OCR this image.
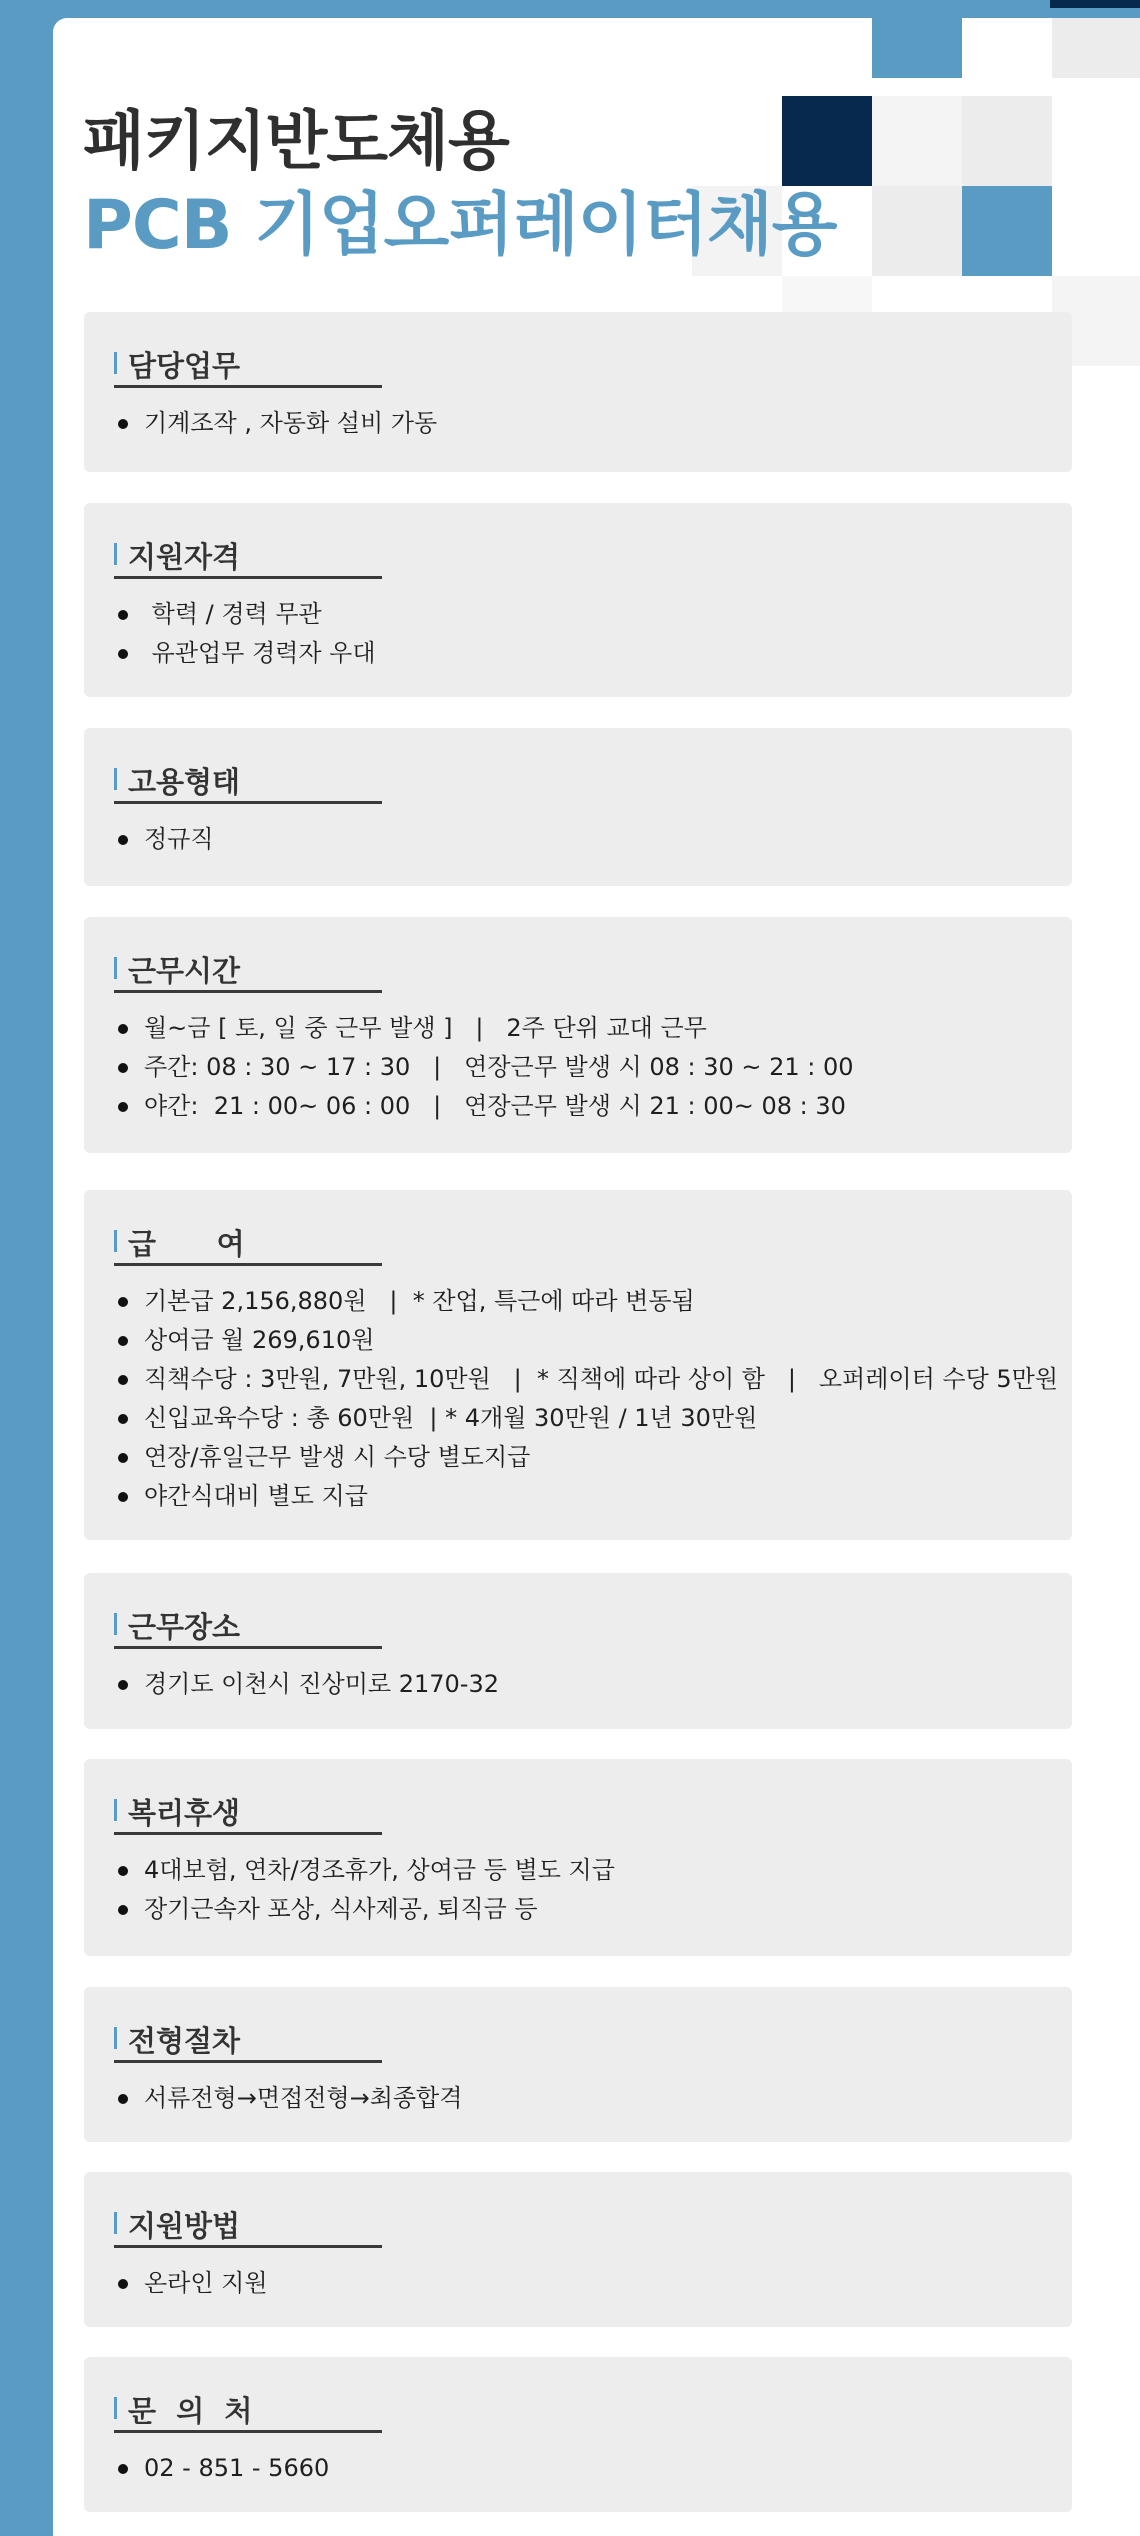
패키지반도체용
PCB 기업오퍼레이터채용
담당업무
기계조작 , 자동화 설비 가동
지원자격
학력 / 경력 무관
유관업무 경력자 우대
고용형태
정규직
근무시간
월~금 [ 토, 일 중 근무 발생 ]   |   2주 단위 교대 근무
주간: 08 : 30 ~ 17 : 30   |   연장근무 발생 시 08 : 30 ~ 21 : 00
야간:  21 : 00~ 06 : 00   |   연장근무 발생 시 21 : 00~ 08 : 30
급      여
기본급 2,156,880원   |  * 잔업, 특근에 따라 변동됨
상여금 월 269,610원
직책수당 : 3만원, 7만원, 10만원   |  * 직책에 따라 상이 함   |   오퍼레이터 수당 5만원
신입교육수당 : 총 60만원  | * 4개월 30만원 / 1년 30만원
연장/휴일근무 발생 시 수당 별도지급
야간식대비 별도 지급
근무장소
경기도 이천시 진상미로 2170-32
복리후생
4대보험, 연차/경조휴가, 상여금 등 별도 지급
장기근속자 포상, 식사제공, 퇴직금 등
전형절차
서류전형→면접전형→최종합격
지원방법
온라인 지원
문  의  처
02 - 851 - 5660
